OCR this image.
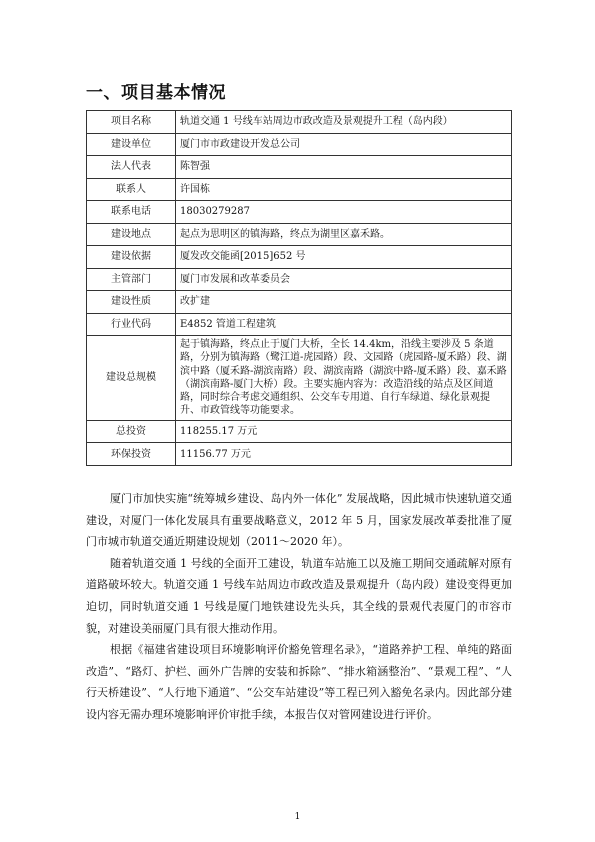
一、项目基本情况
项目名称	轨道交通 1 号线车站周边市政改造及景观提升工程（岛内段）
建设单位	厦门市市政建设开发总公司
法人代表	陈智强
联系人	许国栋
联系电话	18030279287
建设地点	起点为思明区的镇海路，终点为湖里区嘉禾路。
建设依据	厦发改交能函[2015]652 号
主管部门	厦门市发展和改革委员会
建设性质	改扩建
行业代码	E4852 管道工程建筑
建设总规模	起于镇海路，终点止于厦门大桥，全长 14.4km，沿线主要涉及 5 条道路，分别为镇海路（鹭江道-虎园路）段、文园路（虎园路-厦禾路）段、湖滨中路（厦禾路-湖滨南路）段、湖滨南路（湖滨中路-厦禾路）段、嘉禾路（湖滨南路-厦门大桥）段。主要实施内容为：改造沿线的站点及区间道路，同时综合考虑交通组织、公交车专用道、自行车绿道、绿化景观提升、市政管线等功能要求。
总投资	118255.17 万元
环保投资	11156.77 万元

厦门市加快实施“统筹城乡建设、岛内外一体化” 发展战略，因此城市快速轨道交通建设，对厦门一体化发展具有重要战略意义，2012 年 5 月，国家发展改革委批准了厦门市城市轨道交通近期建设规划（2011～2020 年）。

随着轨道交通 1 号线的全面开工建设，轨道车站施工以及施工期间交通疏解对原有道路破坏较大。轨道交通 1 号线车站周边市政改造及景观提升（岛内段）建设变得更加迫切，同时轨道交通 1 号线是厦门地铁建设先头兵，其全线的景观代表厦门的市容市貌，对建设美丽厦门具有很大推动作用。

根据《福建省建设项目环境影响评价豁免管理名录》，“道路养护工程、单纯的路面改造”、“路灯、护栏、画外广告牌的安装和拆除”、“排水箱涵整治”、“景观工程”、“人行天桥建设”、“人行地下通道”、“公交车站建设”等工程已列入豁免名录内。因此部分建设内容无需办理环境影响评价审批手续，本报告仅对管网建设进行评价。

1
